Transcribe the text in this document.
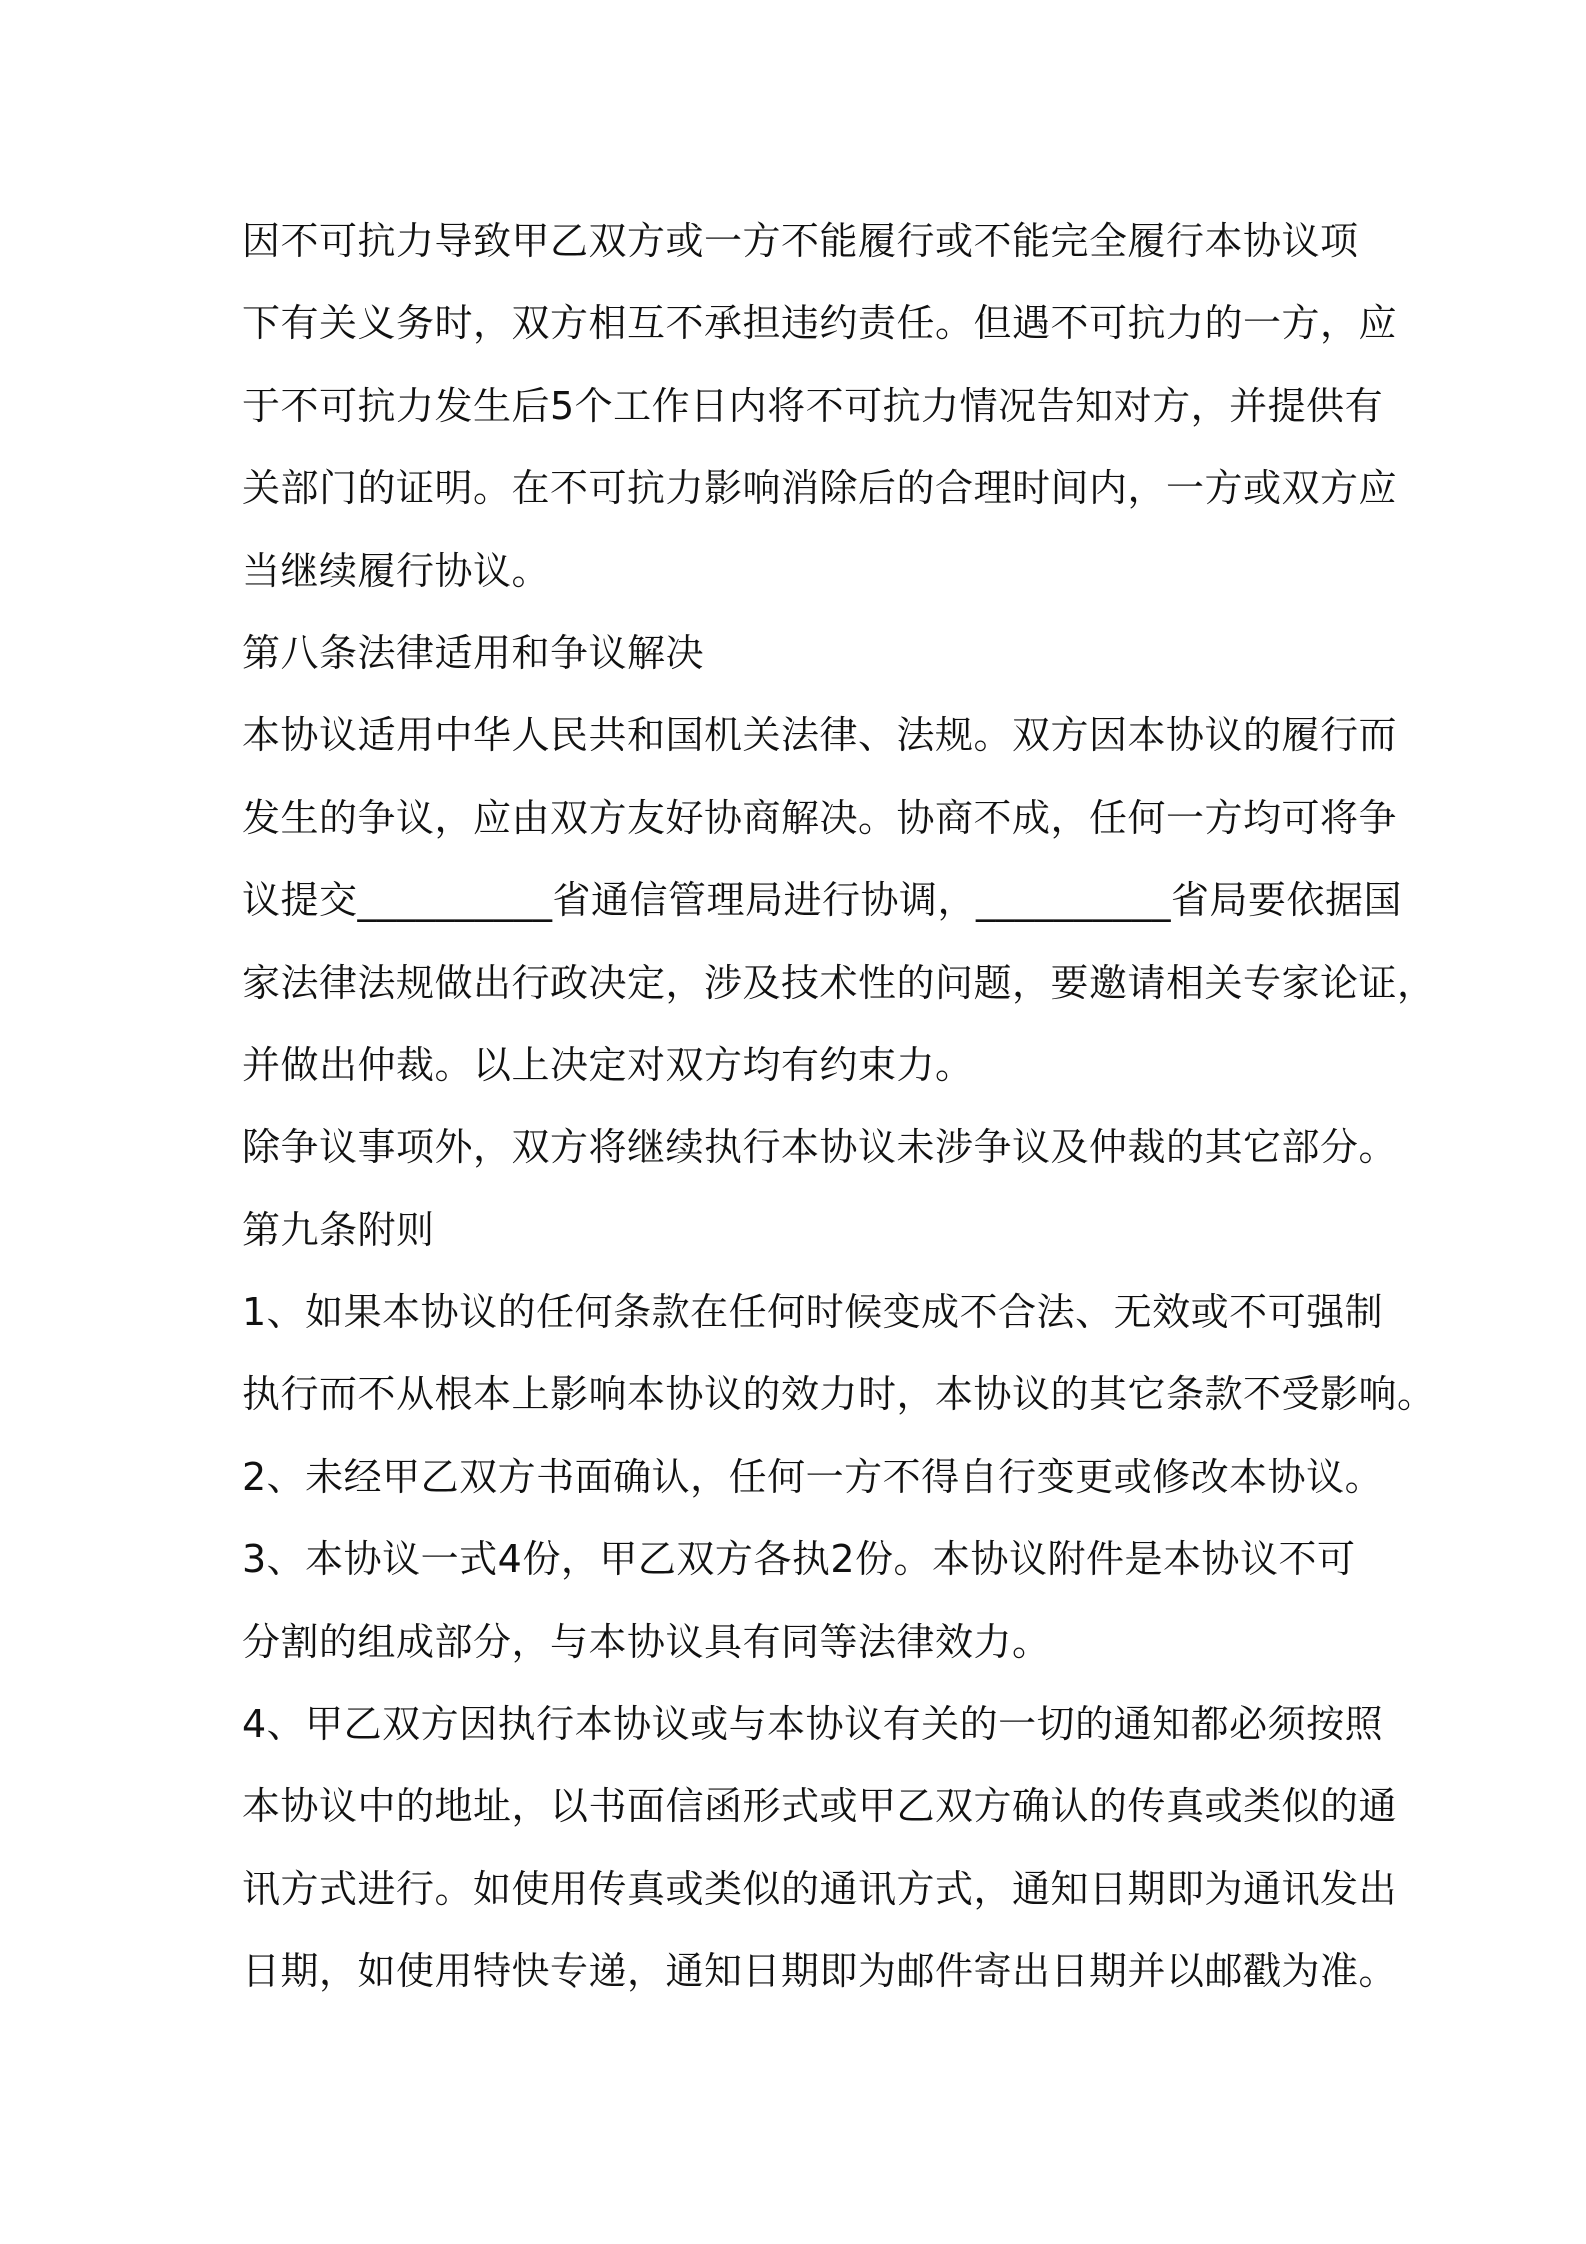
因不可抗力导致甲乙双方或一方不能履行或不能完全履行本协议项
下有关义务时，双方相互不承担违约责任。但遇不可抗力的一方，应
于不可抗力发生后5个工作日内将不可抗力情况告知对方，并提供有
关部门的证明。在不可抗力影响消除后的合理时间内，一方或双方应
当继续履行协议。
第八条法律适用和争议解决
本协议适用中华人民共和国机关法律、法规。双方因本协议的履行而
发生的争议，应由双方友好协商解决。协商不成，任何一方均可将争
议提交__________省通信管理局进行协调，__________省局要依据国
家法律法规做出行政决定，涉及技术性的问题，要邀请相关专家论证，
并做出仲裁。以上决定对双方均有约束力。
除争议事项外，双方将继续执行本协议未涉争议及仲裁的其它部分。
第九条附则
1、如果本协议的任何条款在任何时候变成不合法、无效或不可强制
执行而不从根本上影响本协议的效力时，本协议的其它条款不受影响。
2、未经甲乙双方书面确认，任何一方不得自行变更或修改本协议。
3、本协议一式4份，甲乙双方各执2份。本协议附件是本协议不可
分割的组成部分，与本协议具有同等法律效力。
4、甲乙双方因执行本协议或与本协议有关的一切的通知都必须按照
本协议中的地址，以书面信函形式或甲乙双方确认的传真或类似的通
讯方式进行。如使用传真或类似的通讯方式，通知日期即为通讯发出
日期，如使用特快专递，通知日期即为邮件寄出日期并以邮戳为准。
